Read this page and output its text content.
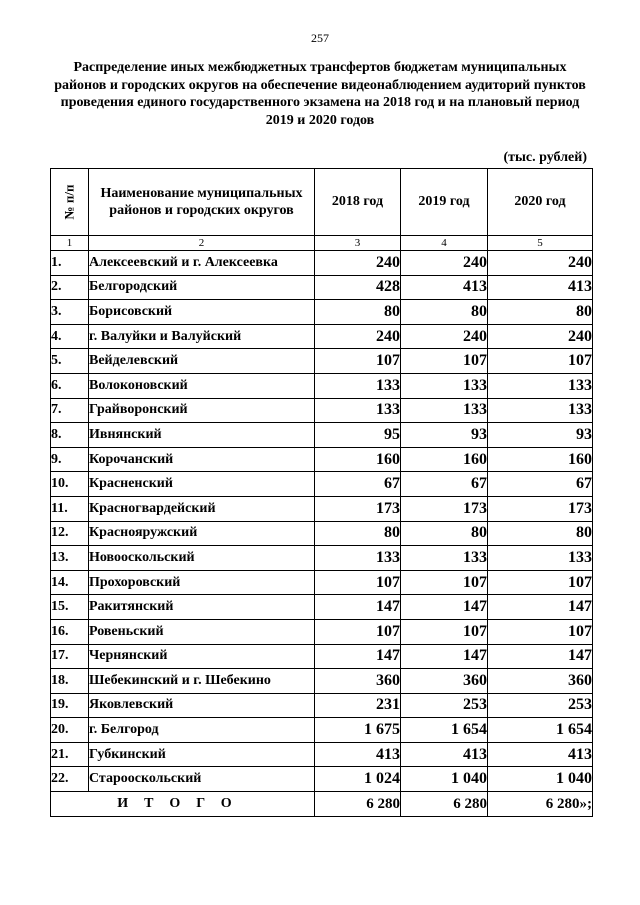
257
Распределение иных межбюджетных трансфертов бюджетам муниципальных районов и городских округов на обеспечение видеонаблюдением аудиторий пунктов проведения единого государственного экзамена на 2018 год и на плановый период 2019 и 2020 годов
(тыс. рублей)
№ п/п	Наименование муниципальных районов и городских округов	2018 год	2019 год	2020 год
1	2	3	4	5
1.	Алексеевский и г. Алексеевка	240	240	240
2.	Белгородский	428	413	413
3.	Борисовский	80	80	80
4.	г. Валуйки и Валуйский	240	240	240
5.	Вейделевский	107	107	107
6.	Волоконовский	133	133	133
7.	Грайворонский	133	133	133
8.	Ивнянский	95	93	93
9.	Корочанский	160	160	160
10.	Красненский	67	67	67
11.	Красногвардейский	173	173	173
12.	Краснояружский	80	80	80
13.	Новооскольский	133	133	133
14.	Прохоровский	107	107	107
15.	Ракитянский	147	147	147
16.	Ровеньский	107	107	107
17.	Чернянский	147	147	147
18.	Шебекинский и г. Шебекино	360	360	360
19.	Яковлевский	231	253	253
20.	г. Белгород	1 675	1 654	1 654
21.	Губкинский	413	413	413
22.	Старооскольский	1 024	1 040	1 040
ИТОГО		6 280	6 280	6 280»;
